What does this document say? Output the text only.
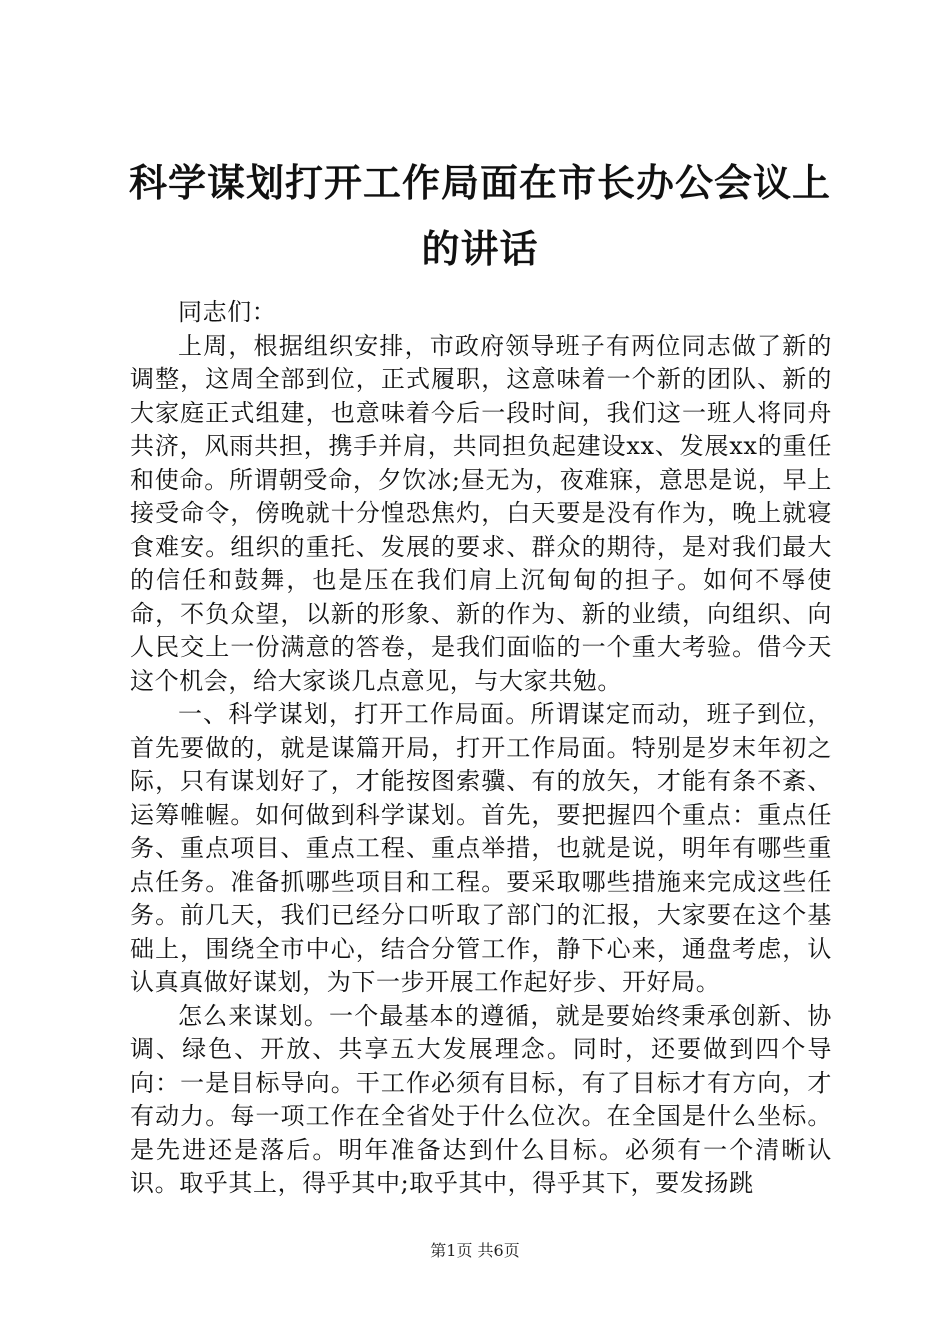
科学谋划打开工作局面在市长办公会议上的讲话

同志们：

上周，根据组织安排，市政府领导班子有两位同志做了新的调整，这周全部到位，正式履职，这意味着一个新的团队、新的大家庭正式组建，也意味着今后一段时间，我们这一班人将同舟共济，风雨共担，携手并肩，共同担负起建设xx、发展xx的重任和使命。所谓朝受命，夕饮冰;昼无为，夜难寐，意思是说，早上接受命令，傍晚就十分惶恐焦灼，白天要是没有作为，晚上就寝食难安。组织的重托、发展的要求、群众的期待，是对我们最大的信任和鼓舞，也是压在我们肩上沉甸甸的担子。如何不辱使命，不负众望，以新的形象、新的作为、新的业绩，向组织、向人民交上一份满意的答卷，是我们面临的一个重大考验。借今天这个机会，给大家谈几点意见，与大家共勉。

一、科学谋划，打开工作局面。所谓谋定而动，班子到位，首先要做的，就是谋篇开局，打开工作局面。特别是岁末年初之际，只有谋划好了，才能按图索骥、有的放矢，才能有条不紊、运筹帷幄。如何做到科学谋划。首先，要把握四个重点：重点任务、重点项目、重点工程、重点举措，也就是说，明年有哪些重点任务。准备抓哪些项目和工程。要采取哪些措施来完成这些任务。前几天，我们已经分口听取了部门的汇报，大家要在这个基础上，围绕全市中心，结合分管工作，静下心来，通盘考虑，认认真真做好谋划，为下一步开展工作起好步、开好局。

怎么来谋划。一个最基本的遵循，就是要始终秉承创新、协调、绿色、开放、共享五大发展理念。同时，还要做到四个导向：一是目标导向。干工作必须有目标，有了目标才有方向，才有动力。每一项工作在全省处于什么位次。在全国是什么坐标。是先进还是落后。明年准备达到什么目标。必须有一个清晰认识。取乎其上，得乎其中;取乎其中，得乎其下，要发扬跳

第1页 共6页
